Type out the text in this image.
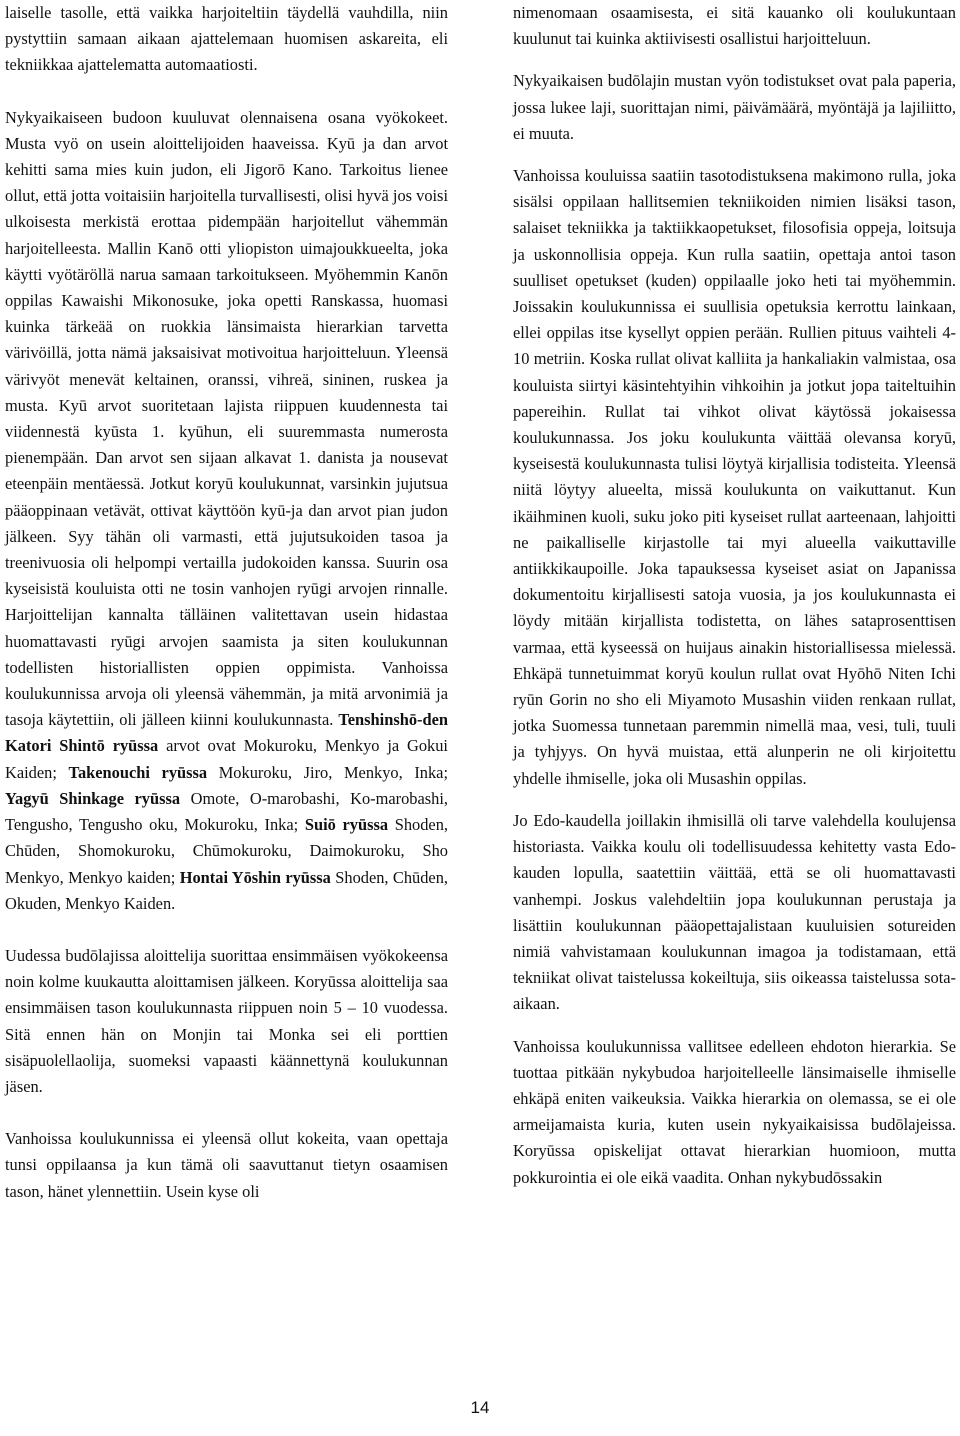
laiselle tasolle, että vaikka harjoiteltiin täydellä vauhdilla, niin pystyttiin samaan aikaan ajattelemaan huomisen askareita, eli tekniikkaa ajattelematta automaatiosti.

Nykyaikaiseen budoon kuuluvat olennaisena osana vyökokeet. Musta vyö on usein aloittelijoiden haaveissa. Kyū ja dan arvot kehitti sama mies kuin judon, eli Jigorō Kano. Tarkoitus lienee ollut, että jotta voitaisiin harjoitella turvallisesti, olisi hyvä jos voisi ulkoisesta merkistä erottaa pidempään harjoitellut vähemmän harjoitelleesta. Mallin Kanō otti yliopiston uimajoukkueelta, joka käytti vyötäröllä narua samaan tarkoitukseen. Myöhemmin Kanōn oppilas Kawaishi Mikonosuke, joka opetti Ranskassa, huomasi kuinka tärkeää on ruokkia länsimaista hierarkian tarvetta värivöillä, jotta nämä jaksaisivat motivoitua harjoitteluun. Yleensä värivyöt menevät keltainen, oranssi, vihreä, sininen, ruskea ja musta. Kyū arvot suoritetaan lajista riippuen kuudennesta tai viidennestä kyūsta 1. kyūhun, eli suuremmasta numerosta pienempään. Dan arvot sen sijaan alkavat 1. danista ja nousevat eteenpäin mentäessä. Jotkut koryū koulukunnat, varsinkin jujutsua pääoppinaan vetävät, ottivat käyttöön kyū-ja dan arvot pian judon jälkeen. Syy tähän oli varmasti, että jujutsukoiden tasoa ja treenivuosia oli helpompi vertailla judokoiden kanssa. Suurin osa kyseisistä kouluista otti ne tosin vanhojen ryūgi arvojen rinnalle. Harjoittelijan kannalta tälläinen valitettavan usein hidastaa huomattavasti ryūgi arvojen saamista ja siten koulukunnan todellisten historiallisten oppien oppimista. Vanhoissa koulukunnissa arvoja oli yleensä vähemmän, ja mitä arvonimiä ja tasoja käytettiin, oli jälleen kiinni koulukunnasta. Tenshinshō-den Katori Shintō ryūssa arvot ovat Mokuroku, Menkyo ja Gokui Kaiden; Takenouchi ryūssa Mokuroku, Jiro, Menkyo, Inka; Yagyū Shinkage ryūssa Omote, O-marobashi, Ko-marobashi, Tengusho, Tengusho oku, Mokuroku, Inka; Suiō ryūssa Shoden, Chūden, Shomokuroku, Chūmokuroku, Daimokuroku, Sho Menkyo, Menkyo kaiden; Hontai Yōshin ryūssa Shoden, Chūden, Okuden, Menkyo Kaiden.

Uudessa budōlajissa aloittelija suorittaa ensimmäisen vyökokeensa noin kolme kuukautta aloittamisen jälkeen. Koryūssa aloittelija saa ensimmäisen tason koulukunnasta riippuen noin 5 – 10 vuodessa. Sitä ennen hän on Monjin tai Monka sei eli porttien sisäpuolellaolija, suomeksi vapaasti käännettynä koulukunnan jäsen.

Vanhoissa koulukunnissa ei yleensä ollut kokeita, vaan opettaja tunsi oppilaansa ja kun tämä oli saavuttanut tietyn osaamisen tason, hänet ylennettiin. Usein kyse oli

nimenomaan osaamisesta, ei sitä kauanko oli koulukuntaan kuulunut tai kuinka aktiivisesti osallistui harjoitteluun.

Nykyaikaisen budōlajin mustan vyön todistukset ovat pala paperia, jossa lukee laji, suorittajan nimi, päivämäärä, myöntäjä ja lajiliitto, ei muuta.

Vanhoissa kouluissa saatiin tasotodistuksena makimono rulla, joka sisälsi oppilaan hallitsemien tekniikoiden nimien lisäksi tason, salaiset tekniikka ja taktiikkaopetukset, filosofisia oppeja, loitsuja ja uskonnollisia oppeja. Kun rulla saatiin, opettaja antoi tason suulliset opetukset (kuden) oppilaalle joko heti tai myöhemmin. Joissakin koulukunnissa ei suullisia opetuksia kerrottu lainkaan, ellei oppilas itse kysellyt oppien perään. Rullien pituus vaihteli 4-10 metriin. Koska rullat olivat kalliita ja hankaliakin valmistaa, osa kouluista siirtyi käsintehtyihin vihkoihin ja jotkut jopa taiteltuihin papereihin. Rullat tai vihkot olivat käytössä jokaisessa koulukunnassa. Jos joku koulukunta väittää olevansa koryū, kyseisestä koulukunnasta tulisi löytyä kirjallisia todisteita. Yleensä niitä löytyy alueelta, missä koulukunta on vaikuttanut. Kun ikäihminen kuoli, suku joko piti kyseiset rullat aarteenaan, lahjoitti ne paikalliselle kirjastolle tai myi alueella vaikuttaville antiikkikaupoille. Joka tapauksessa kyseiset asiat on Japanissa dokumentoitu kirjallisesti satoja vuosia, ja jos koulukunnasta ei löydy mitään kirjallista todistetta, on lähes sataprosenttisen varmaa, että kyseessä on huijaus ainakin historiallisessa mielessä. Ehkäpä tunnetuimmat koryū koulun rullat ovat Hyōhō Niten Ichi ryūn Gorin no sho eli Miyamoto Musashin viiden renkaan rullat, jotka Suomessa tunnetaan paremmin nimellä maa, vesi, tuli, tuuli ja tyhjyys. On hyvä muistaa, että alunperin ne oli kirjoitettu yhdelle ihmiselle, joka oli Musashin oppilas.

Jo Edo-kaudella joillakin ihmisillä oli tarve valehdella koulujensa historiasta. Vaikka koulu oli todellisuudessa kehitetty vasta Edo-kauden lopulla, saatettiin väittää, että se oli huomattavasti vanhempi. Joskus valehdeltiin jopa koulukunnan perustaja ja lisättiin koulukunnan pääopettajalistaan kuuluisien sotureiden nimiä vahvistamaan koulukunnan imagoa ja todistamaan, että tekniikat olivat taistelussa kokeiltuja, siis oikeassa taistelussa sota-aikaan.

Vanhoissa koulukunnissa vallitsee edelleen ehdoton hierarkia. Se tuottaa pitkään nykybudoa harjoitelleelle länsimaiselle ihmiselle ehkäpä eniten vaikeuksia. Vaikka hierarkia on olemassa, se ei ole armeijamaista kuria, kuten usein nykyaikaisissa budōlajeissa. Koryūssa opiskelijat ottavat hierarkian huomioon, mutta pokkurointia ei ole eikä vaadita. Onhan nykybudōssakin

14
